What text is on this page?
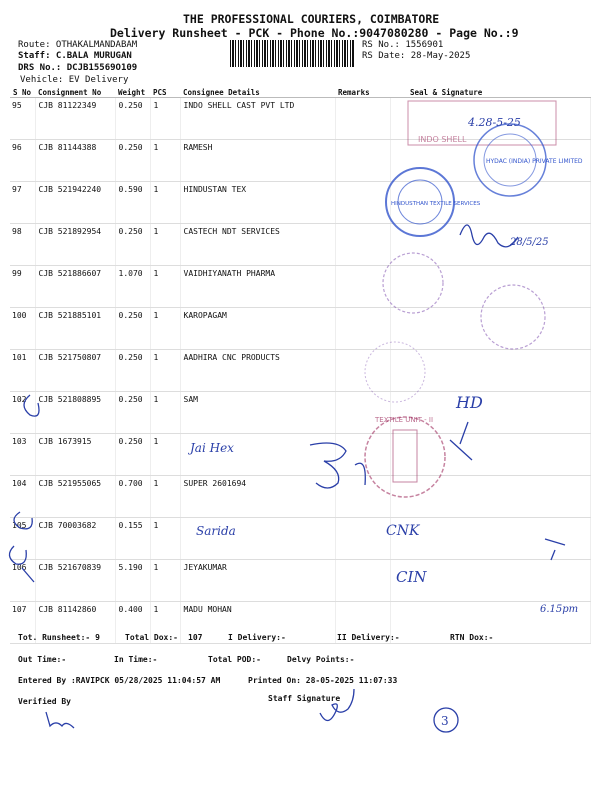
THE PROFESSIONAL COURIERS, COIMBATORE
Delivery Runsheet - PCK - Phone No.:9047080280 - Page No.:9
Route: OTHAKALMANDABAM
Staff: C.BALA MURUGAN
DRS No.: DCJB15569O109
Vehicle: EV Delivery
RS No.: 1556901
RS Date: 28-May-2025
S No	Consignment No	Weight	PCS	Consignee Details	Remarks	Seal & Signature
95	CJB 81122349	0.250	1	INDO SHELL CAST PVT LTD		
96	CJB 81144388	0.250	1	RAMESH		
97	CJB 521942240	0.590	1	HINDUSTAN TEX		
98	CJB 521892954	0.250	1	CASTECH NDT SERVICES		
99	CJB 521886607	1.070	1	VAIDHIYANATH PHARMA		
100	CJB 521885101	0.250	1	KAROPAGAM		
101	CJB 521750807	0.250	1	AADHIRA CNC PRODUCTS		
102	CJB 521808895	0.250	1	SAM		
103	CJB 1673915	0.250	1			
104	CJB 521955065	0.700	1	SUPER 2601694		
105	CJB 70003682	0.155	1			
106	CJB 521670839	5.190	1	JEYAKUMAR		
107	CJB 81142860	0.400	1	MADU MOHAN		
INDO SHELL
HYDAC (INDIA) PRIVATE LIMITED
HINDUSTHAN TEXTILE SERVICES
TEXTILE UNIT - II
3
4.28-5-25
28/5/25
HD
Jai Hex
Sarida	CNK
CIN
6.15pm
Tot. Runsheet:- 9	Total Dox:- 107	I Delivery:-	II Delivery:-	RTN Dox:-
Out Time:-	In Time:-	Total POD:-	Delvy Points:-
Entered By :RAVIPCK 05/28/2025 11:04:57 AM	Printed On: 28-05-2025 11:07:33
Verified By	Staff Signature
